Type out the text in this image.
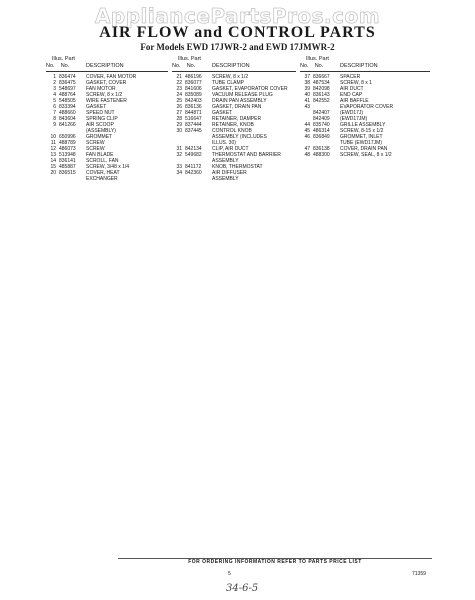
AppliancePartsPros.com
AIR FLOW and CONTROL PARTS
For Models EWD 17JWR-2 and EWD 17JMWR-2
Illus. Part
No. No.	DESCRIPTION
1 836474 COVER, FAN MOTOR
2 836475 GASKET, COVER
3 548697 FAN MOTOR
4 488764 SCREW, 8 x 1/2
5 548505 WIRE FASTENER
6 833394 GASKET
7 488660 SPEED NUT
8 843604 SPRING CLIP
9 841266 AIR SCOOP
(ASSEMBLY)
10 650996 GROMMET
11 488789 SCREW
12 486073 SCREW
13 513948 FAN BLADE
14 836141 SCROLL, FAN
15 485887 SCREW, 3/48 x 1/4
20 836515 COVER, HEAT
EXCHANGER
Illus. Part
No. No.	DESCRIPTION
21 486196 SCREW, 8 x 1/2
22 836077 TUBE CLAMP
23 841606 GASKET, EVAPORATOR COVER
24 835089 VACUUM RELEASE PLUG
25 842403 DRAIN PAN ASSEMBLY
26 836136 GASKET, DRAIN PAN
27 844871 GASKET
28 516647 RETAINER, DAMPER
29 837444 RETAINER, KNOB
30 837445 CONTROL KNOB
ASSEMBLY (INCLUDES
ILLUS. 30)
31 842134 CLIP, AIR DUCT
32 549682 THERMOSTAT AND BARRIER
ASSEMBLY
33 841172 KNOB, THERMOSTAT
34 842360 AIR DIFFUSER
ASSEMBLY
Illus. Part
No. No.	DESCRIPTION
37 836667 SPACER
38 487534 SCREW, 8 x 1
39 842098 AIR DUCT
40 836143 END CAP
41 842552 AIR BAFFLE
43	EVAPORATOR COVER
842407 (EWD17J)
842409 (EWD17JM)
44 835740 GRILLE ASSEMBLY
45 486314 SCREW, 8-15 x 1/2
46 836849 GROMMET, INLET
TUBE (EWD17JM)
47 836138 COVER, DRAIN PAN
48 488300 SCREW, SEAL, 8 x 1/2
FOR ORDERING INFORMATION REFER TO PARTS PRICE LIST
5	71359
34-6-5
